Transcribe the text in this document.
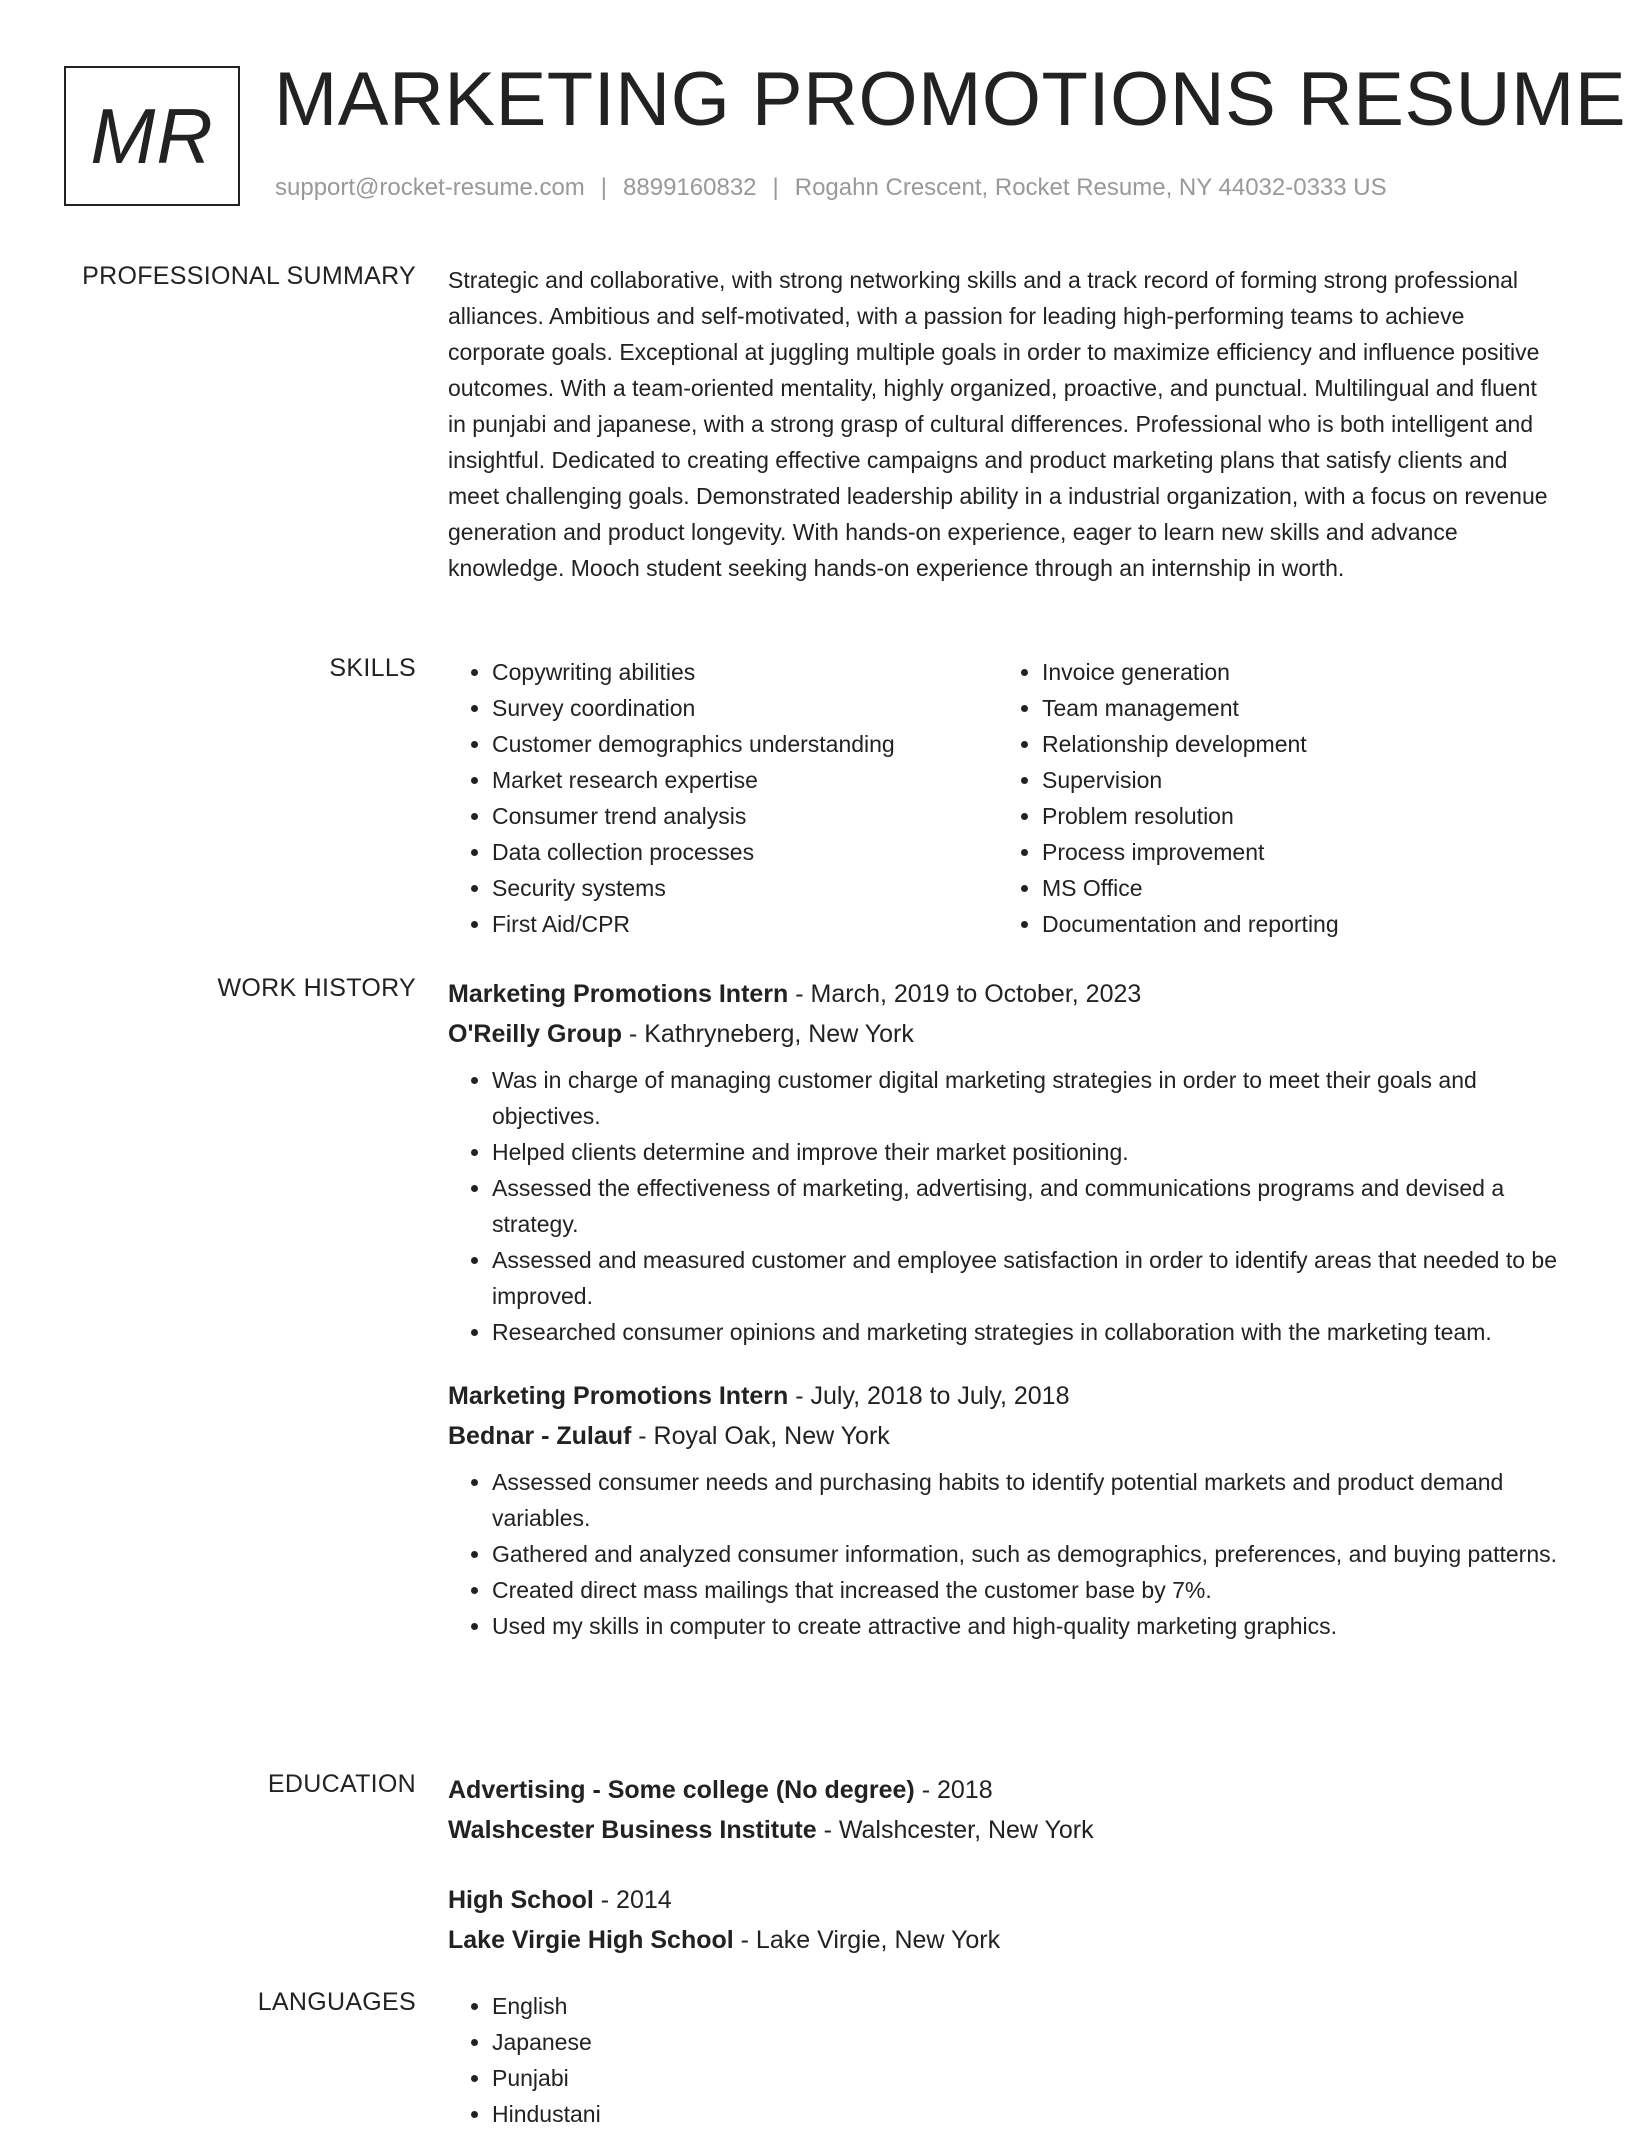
MR MARKETING PROMOTIONS RESUME
support@rocket-resume.com | 8899160832 | Rogahn Crescent, Rocket Resume, NY 44032-0333 US
PROFESSIONAL SUMMARY Strategic and collaborative, with strong networking skills and a track record of forming strong professional alliances. Ambitious and self-motivated, with a passion for leading high-performing teams to achieve corporate goals. Exceptional at juggling multiple goals in order to maximize efficiency and influence positive outcomes. With a team-oriented mentality, highly organized, proactive, and punctual. Multilingual and fluent in punjabi and japanese, with a strong grasp of cultural differences. Professional who is both intelligent and insightful. Dedicated to creating effective campaigns and product marketing plans that satisfy clients and meet challenging goals. Demonstrated leadership ability in a industrial organization, with a focus on revenue generation and product longevity. With hands-on experience, eager to learn new skills and advance knowledge. Mooch student seeking hands-on experience through an internship in worth.

SKILLS	• Copywriting abilities
• Survey coordination
• Customer demographics understanding
• Market research expertise
• Consumer trend analysis
• Data collection processes
• Security systems
• First Aid/CPR
• Invoice generation
• Team management
• Relationship development
• Supervision
• Problem resolution
• Process improvement
• MS Office
• Documentation and reporting
WORK HISTORY Marketing Promotions Intern - March, 2019 to October, 2023
O'Reilly Group - Kathryneberg, New York
• Was in charge of managing customer digital marketing strategies in order to meet their goals and objectives.
• Helped clients determine and improve their market positioning.
• Assessed the effectiveness of marketing, advertising, and communications programs and devised a strategy.
• Assessed and measured customer and employee satisfaction in order to identify areas that needed to be improved.
• Researched consumer opinions and marketing strategies in collaboration with the marketing team.
Marketing Promotions Intern - July, 2018 to July, 2018
Bednar - Zulauf - Royal Oak, New York
• Assessed consumer needs and purchasing habits to identify potential markets and product demand variables.
• Gathered and analyzed consumer information, such as demographics, preferences, and buying patterns.
• Created direct mass mailings that increased the customer base by 7%.
• Used my skills in computer to create attractive and high-quality marketing graphics.
EDUCATION Advertising - Some college (No degree) - 2018
Walshcester Business Institute - Walshcester, New York
High School - 2014
Lake Virgie High School - Lake Virgie, New York
LANGUAGES	• English
• Japanese
• Punjabi
• Hindustani
